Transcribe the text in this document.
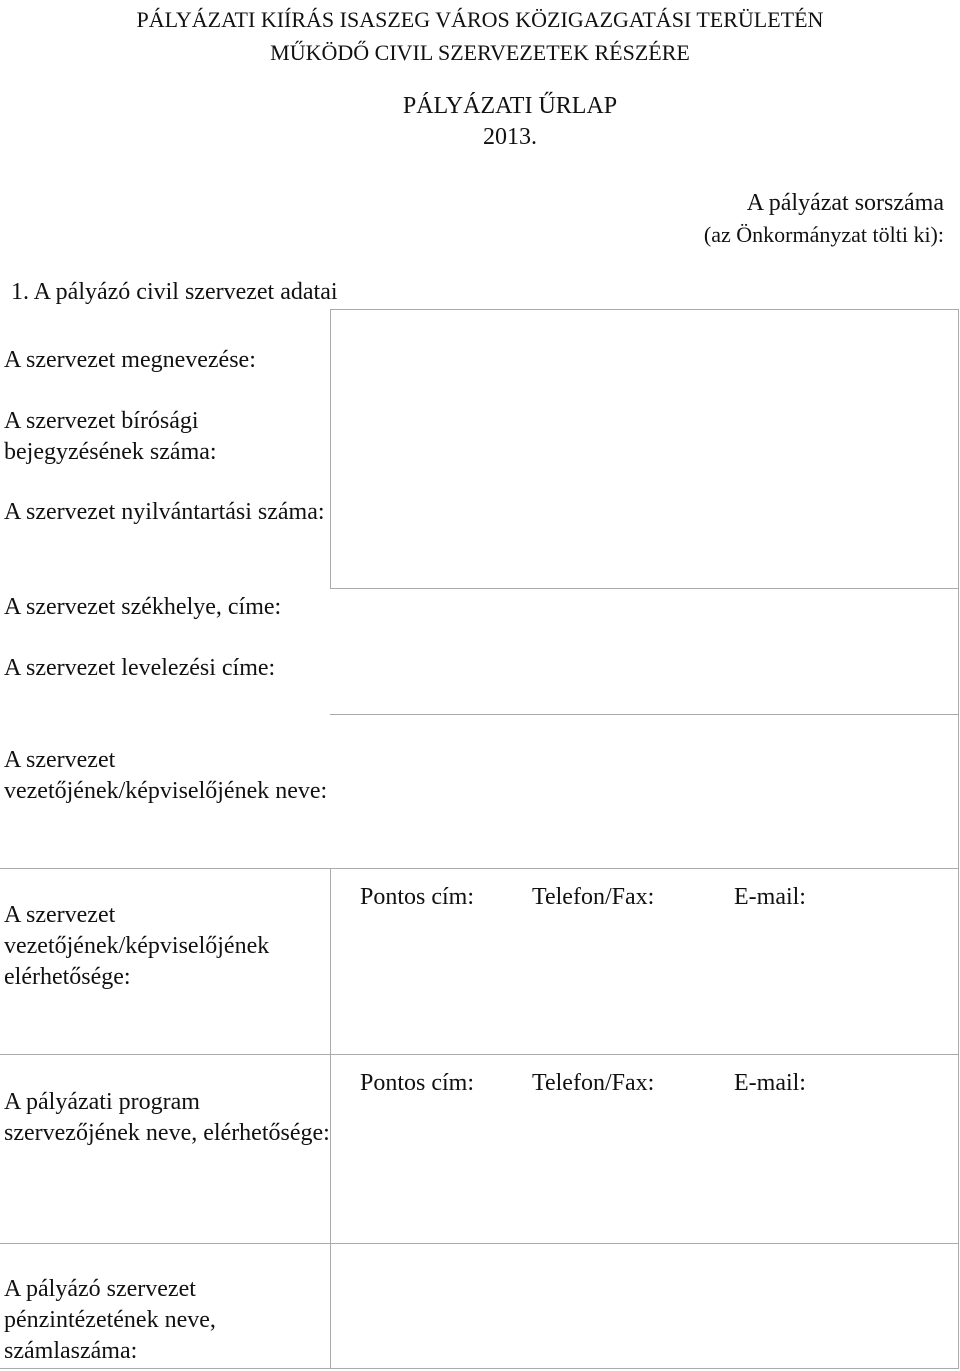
PÁLYÁZATI KIÍRÁS ISASZEG VÁROS KÖZIGAZGATÁSI TERÜLETÉN
MŰKÖDŐ CIVIL SZERVEZETEK RÉSZÉRE
PÁLYÁZATI ŰRLAP
2013.
A pályázat sorszáma
(az Önkormányzat tölti ki):
1. A pályázó civil szervezet adatai
A szervezet megnevezése:
A szervezet bírósági bejegyzésének száma:
A szervezet nyilvántartási száma:
A szervezet székhelye, címe:
A szervezet levelezési címe:
A szervezet vezetőjének/képviselőjének neve:
A szervezet vezetőjének/képviselőjének elérhetősége:
Pontos cím: Telefon/Fax:	E-mail:
A pályázati program szervezőjének neve, elérhetősége:
Pontos cím: Telefon/Fax:	E-mail:
A pályázó szervezet pénzintézetének neve, számlaszáma:
